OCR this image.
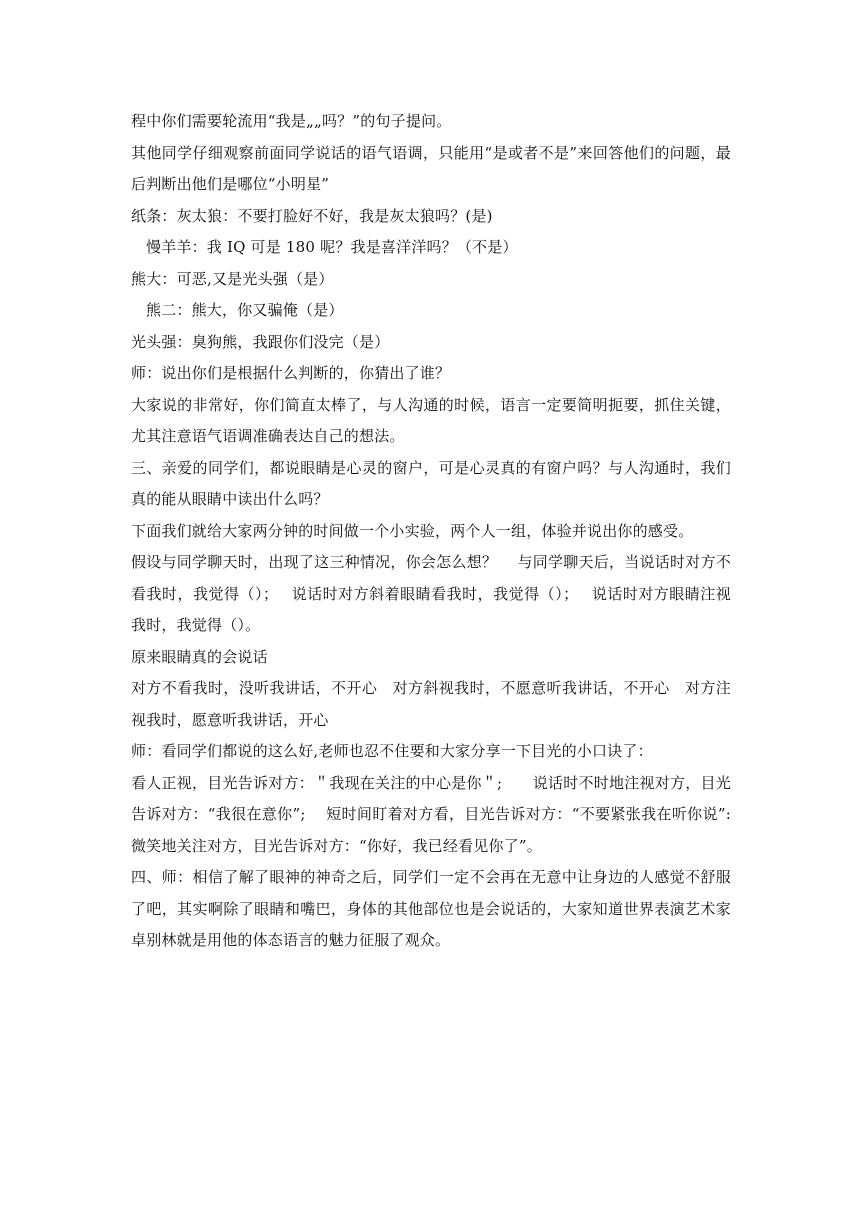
程中你们需要轮流用“我是„„吗？”的句子提问。

其他同学仔细观察前面同学说话的语气语调，只能用“是或者不是”来回答他们的问题，最后判断出他们是哪位“小明星”

纸条：灰太狼：不要打脸好不好，我是灰太狼吗？(是)

慢羊羊：我 IQ 可是 180 呢？我是喜洋洋吗？（不是）

熊大：可恶,又是光头强（是）

熊二：熊大，你又骗俺（是）

光头强：臭狗熊，我跟你们没完（是）

师：说出你们是根据什么判断的，你猜出了谁？

大家说的非常好，你们简直太棒了，与人沟通的时候，语言一定要简明扼要，抓住关键，尤其注意语气语调准确表达自己的想法。

三、亲爱的同学们，都说眼睛是心灵的窗户，可是心灵真的有窗户吗？与人沟通时，我们真的能从眼睛中读出什么吗？

下面我们就给大家两分钟的时间做一个小实验，两个人一组，体验并说出你的感受。

假设与同学聊天时，出现了这三种情况，你会怎么想？　 与同学聊天后，当说话时对方不看我时，我觉得（）；　 说话时对方斜着眼睛看我时，我觉得（）；　 说话时对方眼睛注视我时，我觉得（）。

原来眼睛真的会说话

对方不看我时，没听我讲话，不开心　对方斜视我时，不愿意听我讲话，不开心　对方注视我时，愿意听我讲话，开心

师：看同学们都说的这么好,老师也忍不住要和大家分享一下目光的小口诀了：

看人正视，目光告诉对方：＂我现在关注的中心是你＂;　　说话时不时地注视对方，目光告诉对方：“我很在意你”;　 短时间盯着对方看，目光告诉对方：“不要紧张我在听你说”:　 微笑地关注对方，目光告诉对方：“你好，我已经看见你了”。

四、师：相信了解了眼神的神奇之后，同学们一定不会再在无意中让身边的人感觉不舒服了吧，其实啊除了眼睛和嘴巴，身体的其他部位也是会说话的，大家知道世界表演艺术家卓别林就是用他的体态语言的魅力征服了观众。
